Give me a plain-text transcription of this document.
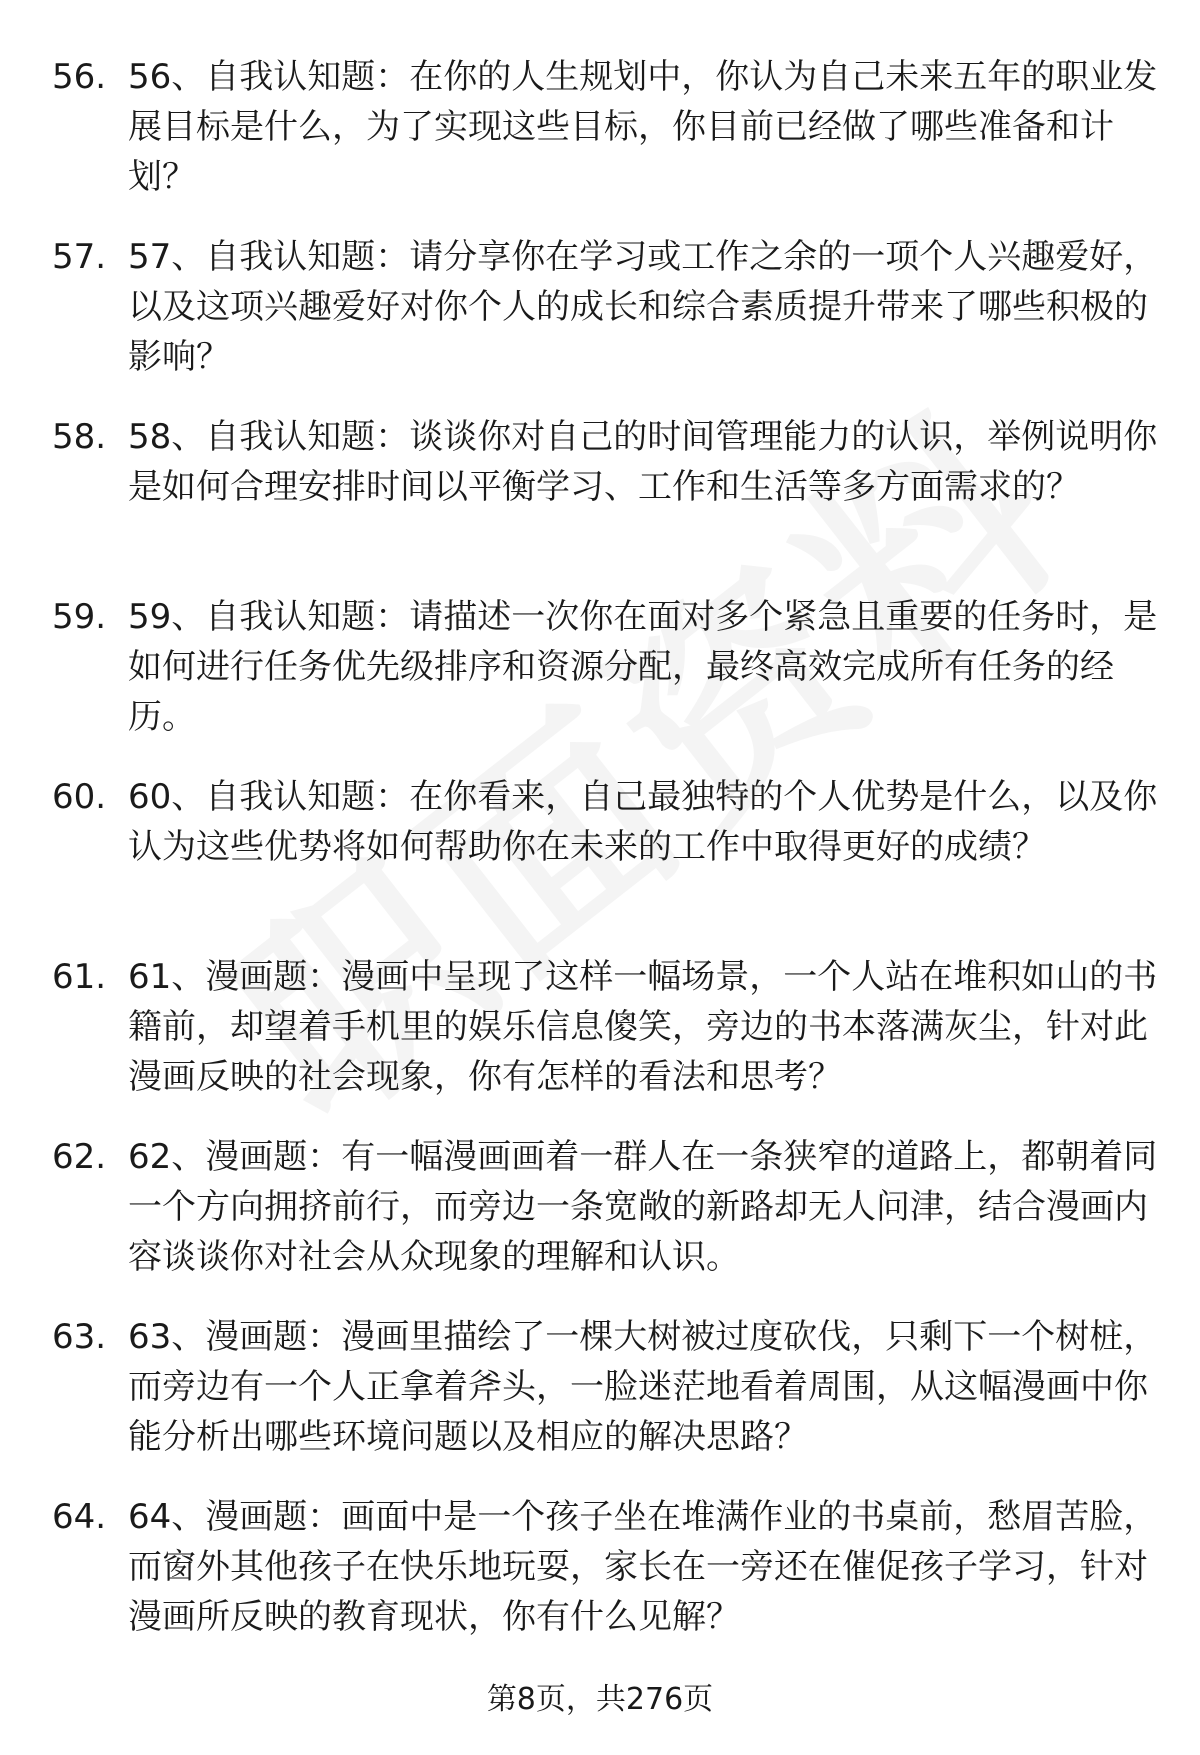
56. 56、自我认知题：在你的人生规划中，你认为自己未来五年的职业发展目标是什么，为了实现这些目标，你目前已经做了哪些准备和计划？
57. 57、自我认知题：请分享你在学习或工作之余的一项个人兴趣爱好，以及这项兴趣爱好对你个人的成长和综合素质提升带来了哪些积极的影响？
58. 58、自我认知题：谈谈你对自己的时间管理能力的认识，举例说明你是如何合理安排时间以平衡学习、工作和生活等多方面需求的？
59. 59、自我认知题：请描述一次你在面对多个紧急且重要的任务时，是如何进行任务优先级排序和资源分配，最终高效完成所有任务的经历。
60. 60、自我认知题：在你看来，自己最独特的个人优势是什么，以及你认为这些优势将如何帮助你在未来的工作中取得更好的成绩？
61. 61、漫画题：漫画中呈现了这样一幅场景，一个人站在堆积如山的书籍前，却望着手机里的娱乐信息傻笑，旁边的书本落满灰尘，针对此漫画反映的社会现象，你有怎样的看法和思考？
62. 62、漫画题：有一幅漫画画着一群人在一条狭窄的道路上，都朝着同一个方向拥挤前行，而旁边一条宽敞的新路却无人问津，结合漫画内容谈谈你对社会从众现象的理解和认识。
63. 63、漫画题：漫画里描绘了一棵大树被过度砍伐，只剩下一个树桩，而旁边有一个人正拿着斧头，一脸迷茫地看着周围，从这幅漫画中你能分析出哪些环境问题以及相应的解决思路？
64. 64、漫画题：画面中是一个孩子坐在堆满作业的书桌前，愁眉苦脸，而窗外其他孩子在快乐地玩耍，家长在一旁还在催促孩子学习，针对漫画所反映的教育现状，你有什么见解？
第8页，共276页
